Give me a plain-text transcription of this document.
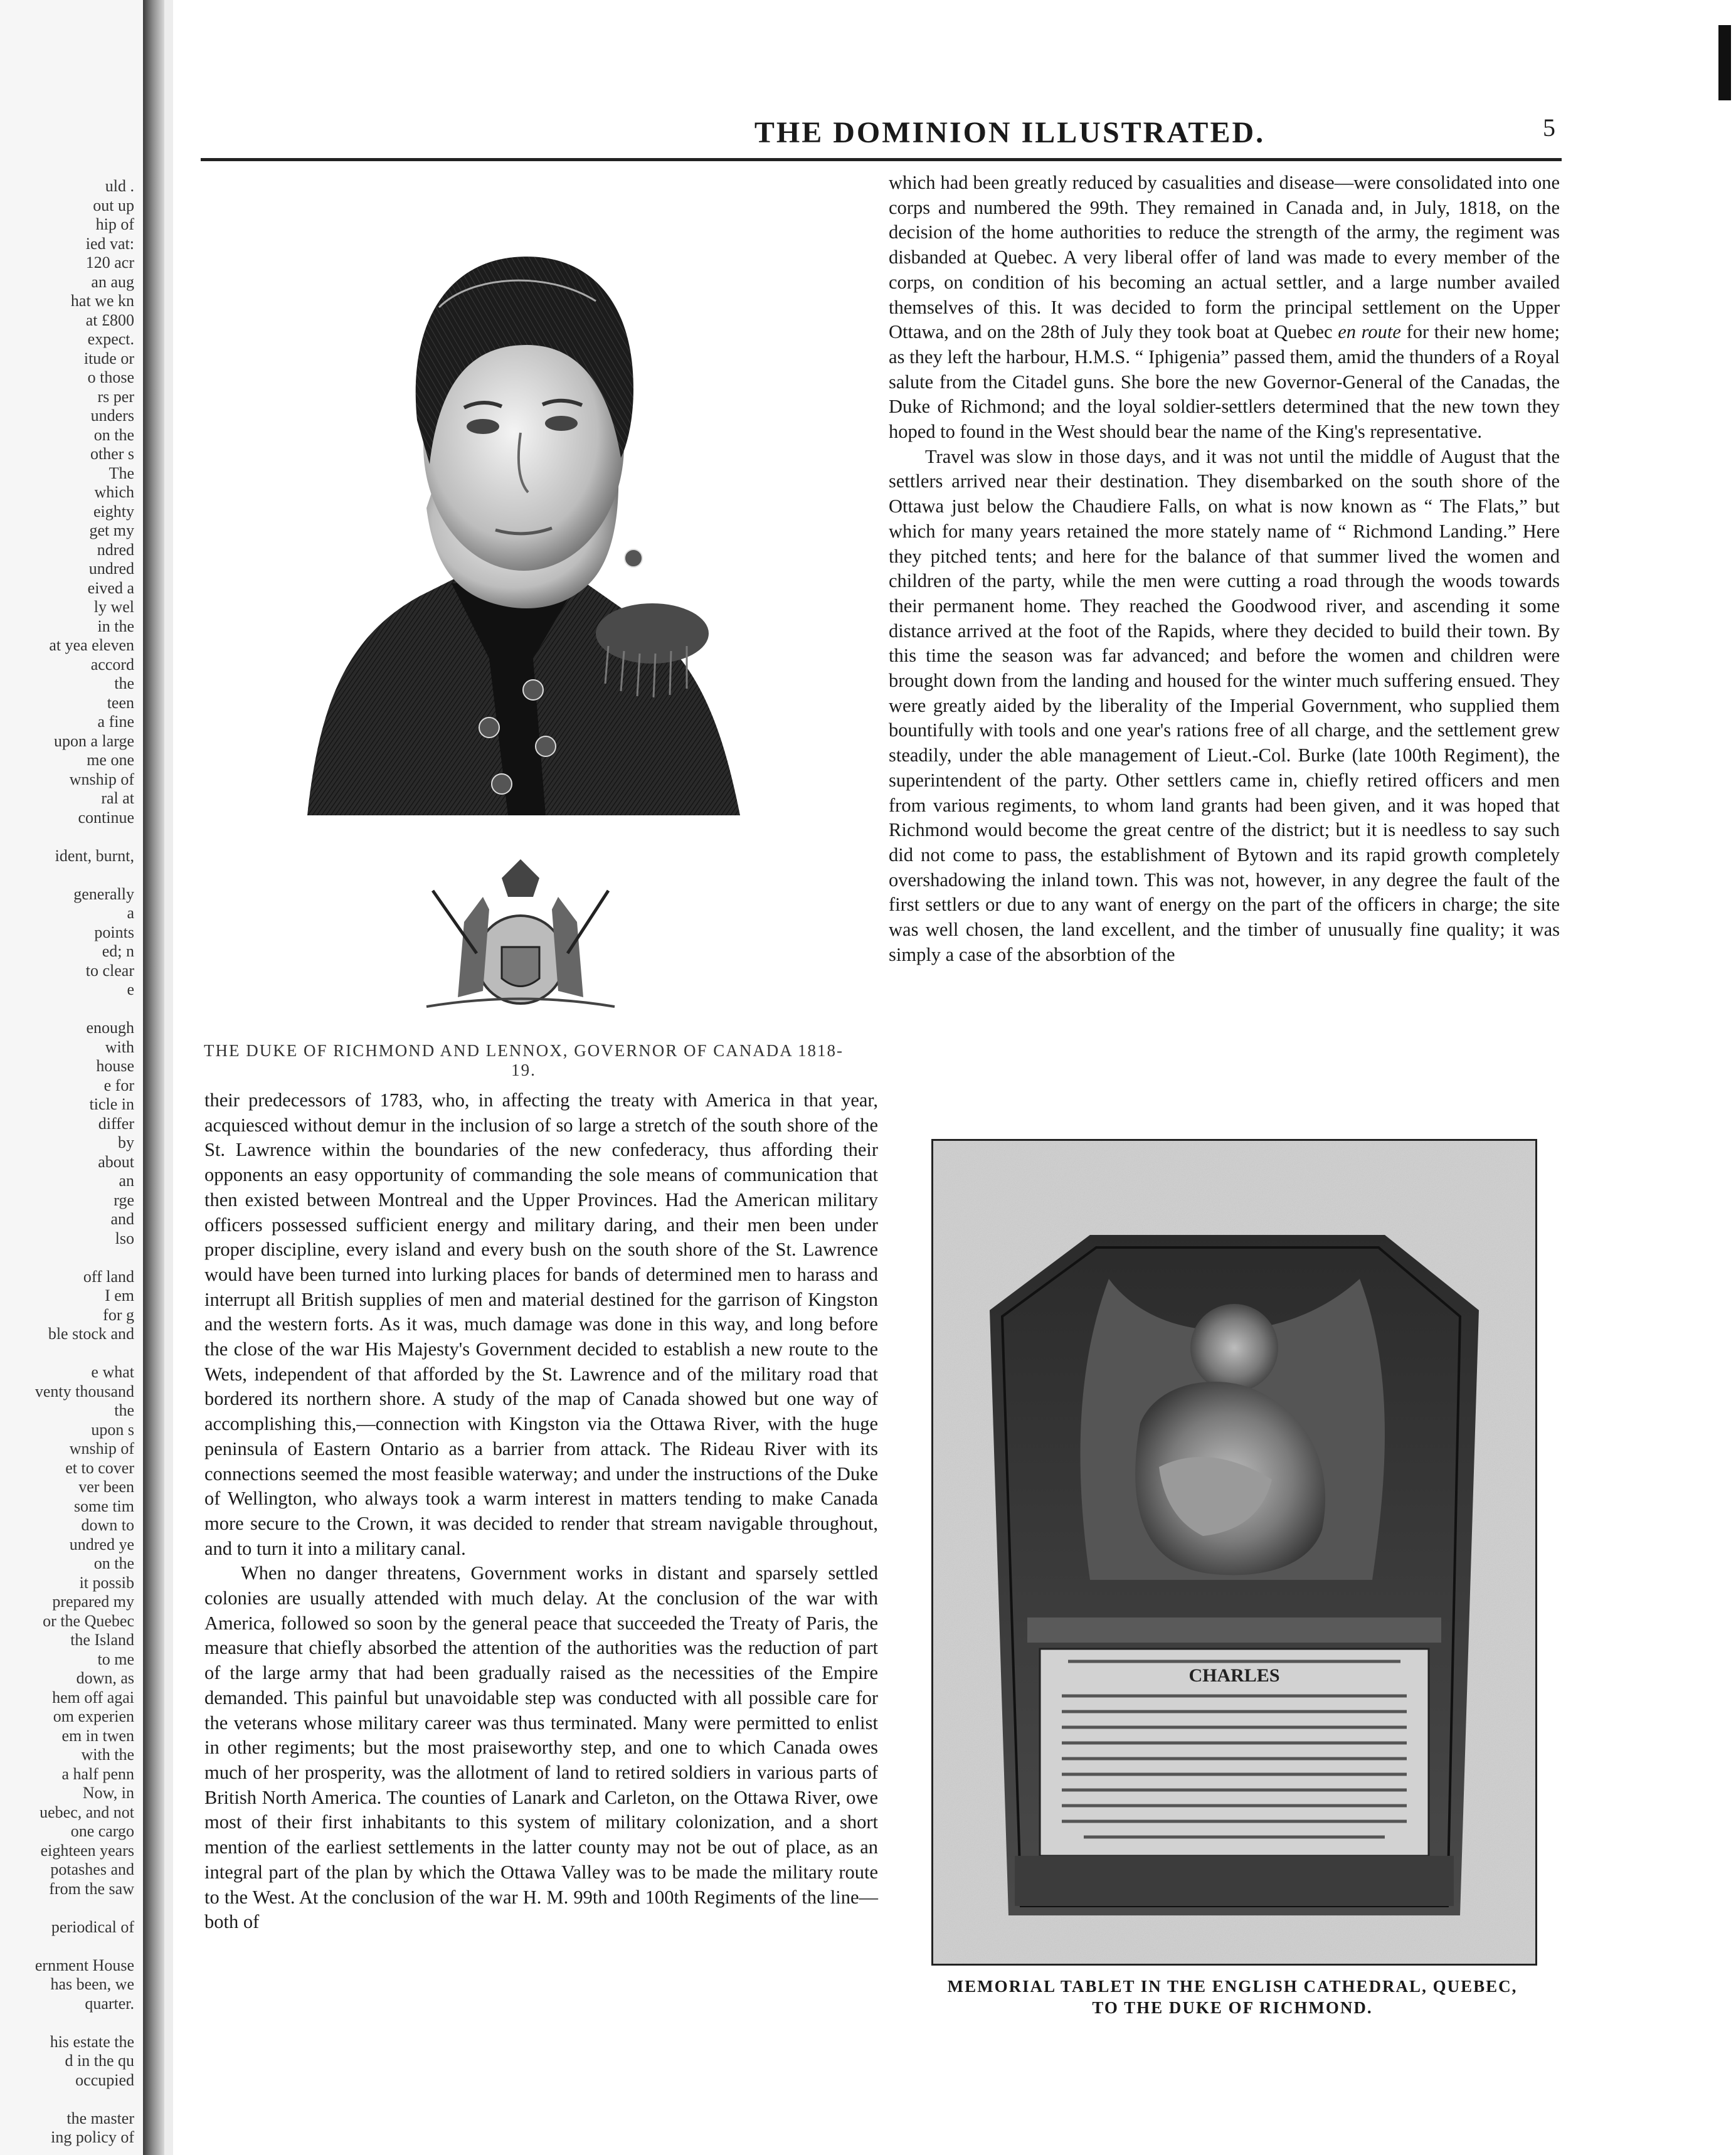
uld .
out up
hip of
ied vat:
120 acr
an aug
hat we kn
at £800
expect.
itude or
o those
rs per
unders
on the
other s
The
which
eighty
get my
ndred
undred
eived a
ly wel
in the
at yea eleven
accord
the
teen
a fine
upon a large
me one
wnship of
ral at
continue
ident, burnt,
generally
a
points
ed; n
to clear
e
enough
with
house
e for
ticle in
differ
by
about
an
rge
and
lso
off land
I em
for g
ble stock and
e what
venty thousand
the
upon s
wnship of
et to cover
ver been
some tim
down to
undred ye
on the
it possib
prepared my
or the Quebec
the Island
to me
down, as
hem off agai
om experien
em in twen
with the
a half penn
Now, in
uebec, and not
one cargo
eighteen years
potashes and
from the saw
periodical of
ernment House
has been, we
quarter.
his estate the
d in the qu
occupied
the master
ing policy of
THE DOMINION ILLUSTRATED.	5
THE DUKE OF RICHMOND AND LENNOX, GOVERNOR OF CANADA 1818-19.

which had been greatly reduced by casualities and disease—were consolidated into one corps and numbered the 99th. They remained in Canada and, in July, 1818, on the decision of the home authorities to reduce the strength of the army, the regiment was disbanded at Quebec. A very liberal offer of land was made to every member of the corps, on condition of his becoming an actual settler, and a large number availed themselves of this. It was decided to form the principal settlement on the Upper Ottawa, and on the 28th of July they took boat at Quebec en route for their new home; as they left the harbour, H.M.S. “ Iphigenia” passed them, amid the thunders of a Royal salute from the Citadel guns. She bore the new Governor-General of the Canadas, the Duke of Richmond; and the loyal soldier-settlers determined that the new town they hoped to found in the West should bear the name of the King's representative.

Travel was slow in those days, and it was not until the middle of August that the settlers arrived near their destination. They disembarked on the south shore of the Ottawa just below the Chaudiere Falls, on what is now known as “ The Flats,” but which for many years retained the more stately name of “ Richmond Landing.” Here they pitched tents; and here for the balance of that summer lived the women and children of the party, while the men were cutting a road through the woods towards their permanent home. They reached the Goodwood river, and ascending it some distance arrived at the foot of the Rapids, where they decided to build their town. By this time the season was far advanced; and before the women and children were brought down from the landing and housed for the winter much suffering ensued. They were greatly aided by the liberality of the Imperial Government, who supplied them bountifully with tools and one year's rations free of all charge, and the settlement grew steadily, under the able management of Lieut.-Col. Burke (late 100th Regiment), the superintendent of the party. Other settlers came in, chiefly retired officers and men from various regiments, to whom land grants had been given, and it was hoped that Richmond would become the great centre of the district; but it is needless to say such did not come to pass, the establishment of Bytown and its rapid growth completely overshadowing the inland town. This was not, however, in any degree the fault of the first settlers or due to any want of energy on the part of the officers in charge; the site was well chosen, the land excellent, and the timber of unusually fine quality; it was simply a case of the absorbtion of the

their predecessors of 1783, who, in affecting the treaty with America in that year, acquiesced without demur in the inclusion of so large a stretch of the south shore of the St. Lawrence within the boundaries of the new confederacy, thus affording their opponents an easy opportunity of commanding the sole means of communication that then existed between Montreal and the Upper Provinces. Had the American military officers possessed sufficient energy and military daring, and their men been under proper discipline, every island and every bush on the south shore of the St. Lawrence would have been turned into lurking places for bands of determined men to harass and interrupt all British supplies of men and material destined for the garrison of Kingston and the western forts. As it was, much damage was done in this way, and long before the close of the war His Majesty's Government decided to establish a new route to the Wets, independent of that afforded by the St. Lawrence and of the military road that bordered its northern shore. A study of the map of Canada showed but one way of accomplishing this,—connection with Kingston via the Ottawa River, with the huge peninsula of Eastern Ontario as a barrier from attack. The Rideau River with its connections seemed the most feasible waterway; and under the instructions of the Duke of Wellington, who always took a warm interest in matters tending to make Canada more secure to the Crown, it was decided to render that stream navigable throughout, and to turn it into a military canal.

When no danger threatens, Government works in distant and sparsely settled colonies are usually attended with much delay. At the conclusion of the war with America, followed so soon by the general peace that succeeded the Treaty of Paris, the measure that chiefly absorbed the attention of the authorities was the reduction of part of the large army that had been gradually raised as the necessities of the Empire demanded. This painful but unavoidable step was conducted with all possible care for the veterans whose military career was thus terminated. Many were permitted to enlist in other regiments; but the most praiseworthy step, and one to which Canada owes much of her prosperity, was the allotment of land to retired soldiers in various parts of British North America. The counties of Lanark and Carleton, on the Ottawa River, owe most of their first inhabitants to this system of military colonization, and a short mention of the earliest settlements in the latter county may not be out of place, as an integral part of the plan by which the Ottawa Valley was to be made the military route to the West. At the conclusion of the war H. M. 99th and 100th Regiments of the line—both of

CHARLES
MEMORIAL TABLET IN THE ENGLISH CATHEDRAL, QUEBEC, TO THE DUKE OF RICHMOND.
